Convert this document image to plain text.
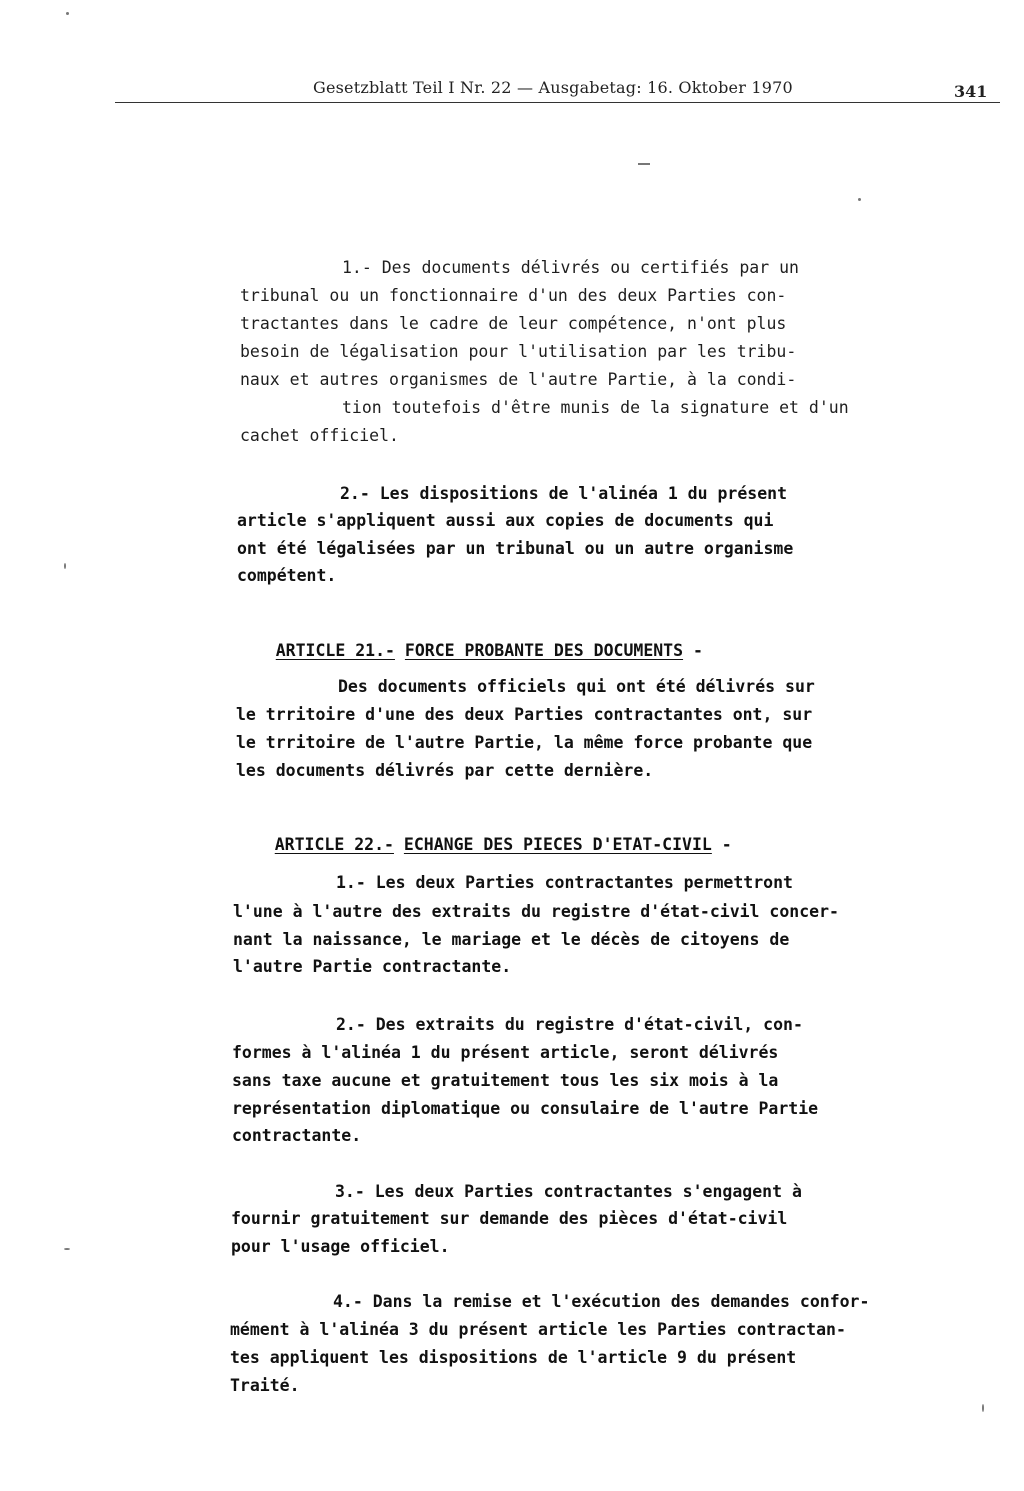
Gesetzblatt Teil I Nr. 22 — Ausgabetag: 16. Oktober 1970	341
1.- Des documents délivrés ou certifiés par un
tribunal ou un fonctionnaire d'un des deux Parties con-
tractantes dans le cadre de leur compétence, n'ont plus
besoin de légalisation pour l'utilisation par les tribu-
naux et autres organismes de l'autre Partie, à la condi-
tion toutefois d'être munis de la signature et d'un
cachet officiel.
2.- Les dispositions de l'alinéa 1 du présent
article s'appliquent aussi aux copies de documents qui
ont été légalisées par un tribunal ou un autre organisme
compétent.

ARTICLE 21.- FORCE PROBANTE DES DOCUMENTS -

Des documents officiels qui ont été délivrés sur
le trritoire d'une des deux Parties contractantes ont, sur
le trritoire de l'autre Partie, la même force probante que
les documents délivrés par cette dernière.

ARTICLE 22.- ECHANGE DES PIECES D'ETAT-CIVIL -

1.- Les deux Parties contractantes permettront
l'une à l'autre des extraits du registre d'état-civil concer-
nant la naissance, le mariage et le décès de citoyens de
l'autre Partie contractante.
2.- Des extraits du registre d'état-civil, con-
formes à l'alinéa 1 du présent article, seront délivrés
sans taxe aucune et gratuitement tous les six mois à la
représentation diplomatique ou consulaire de l'autre Partie
contractante.
3.- Les deux Parties contractantes s'engagent à
fournir gratuitement sur demande des pièces d'état-civil
pour l'usage officiel.
4.- Dans la remise et l'exécution des demandes confor-
mément à l'alinéa 3 du présent article les Parties contractan-
tes appliquent les dispositions de l'article 9 du présent
Traité.
